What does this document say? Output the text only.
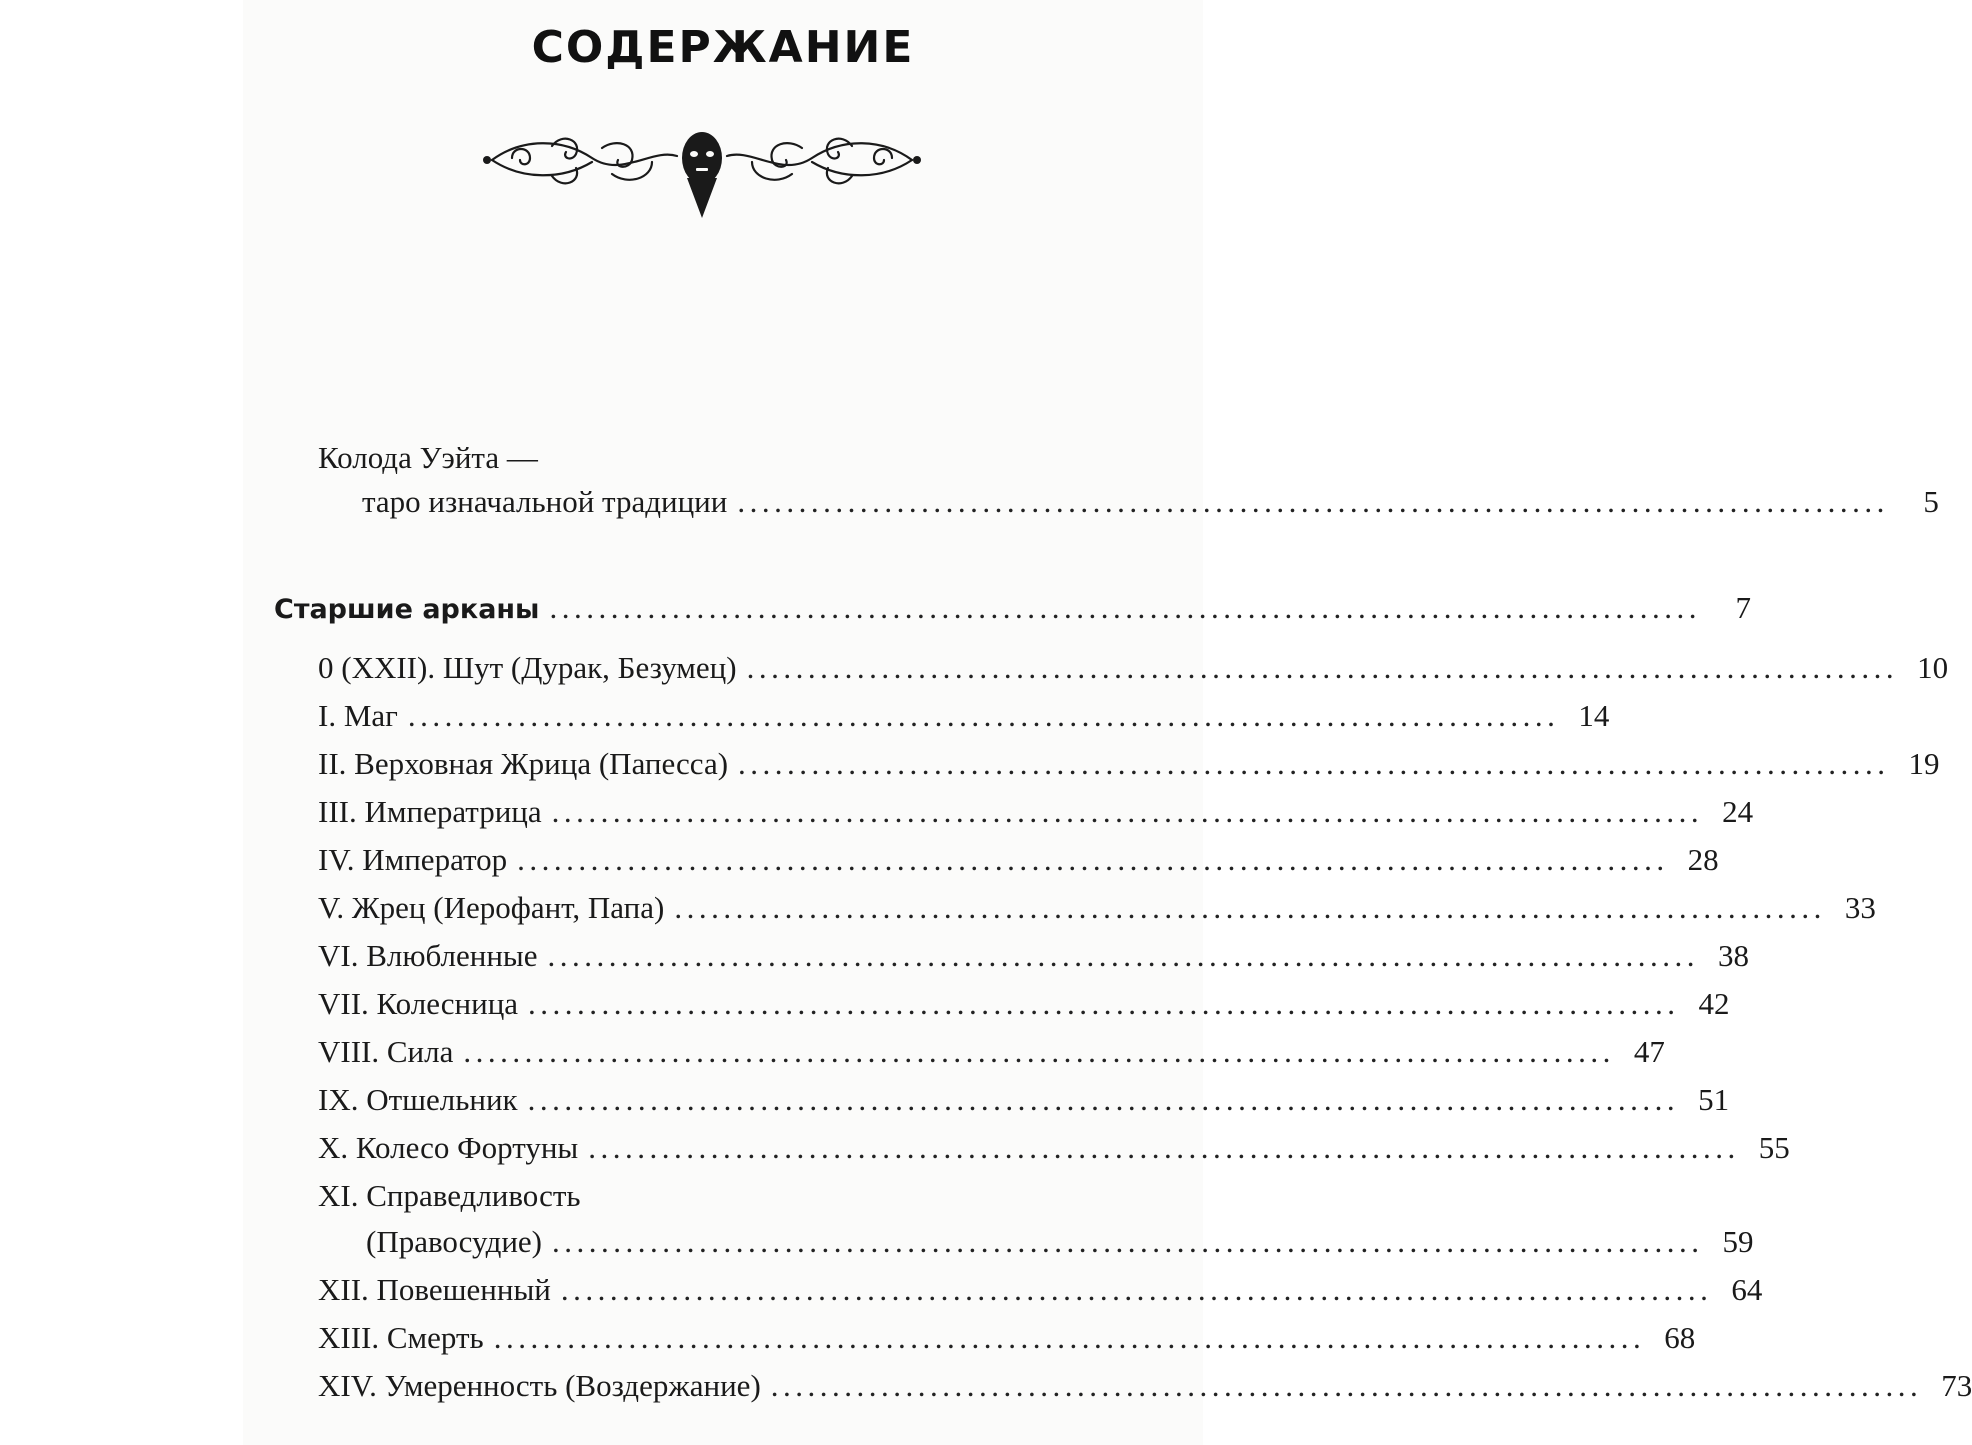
СОДЕРЖАНИЕ
Колода Уэйта —
таро изначальной традиции ..............................................................................................	5
Старшие арканы ..............................................................................................	7
0 (XXII). Шут (Дурак, Безумец) .............................................................................................. 10
I. Маг .............................................................................................. 14
II. Верховная Жрица (Папесса) .............................................................................................. 19
III. Императрица .............................................................................................. 24
IV. Император .............................................................................................. 28
V. Жрец (Иерофант, Папа) .............................................................................................. 33
VI. Влюбленные .............................................................................................. 38
VII. Колесница .............................................................................................. 42
VIII. Сила .............................................................................................. 47
IX. Отшельник .............................................................................................. 51
X. Колесо Фортуны .............................................................................................. 55
XI. Справедливость
(Правосудие) .............................................................................................. 59
XII. Повешенный .............................................................................................. 64
XIII. Смерть .............................................................................................. 68
XIV. Умеренность (Воздержание) .............................................................................................. 73
